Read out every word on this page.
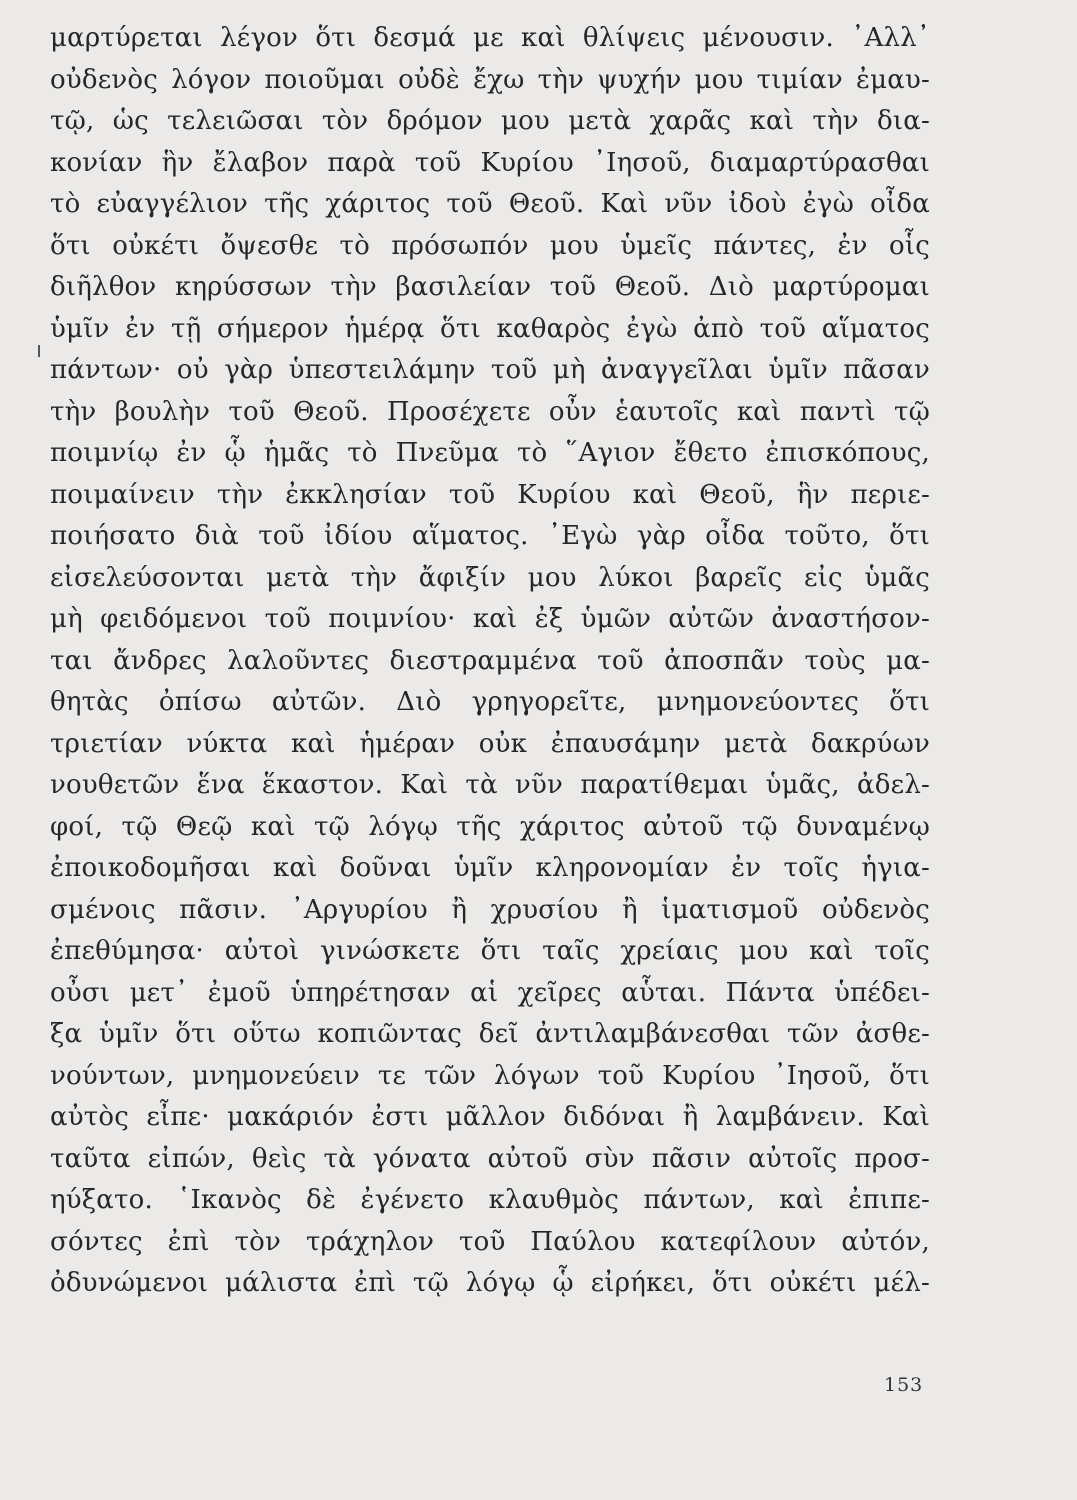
μαρτύρεται λέγον ὅτι δεσμά με καὶ θλίψεις μένουσιν. ᾿Αλλ᾽
οὐδενὸς λόγον ποιοῦμαι οὐδὲ ἔχω τὴν ψυχήν μου τιμίαν ἐμαυ-
τῷ, ὡς τελειῶσαι τὸν δρόμον μου μετὰ χαρᾶς καὶ τὴν δια-
κονίαν ἣν ἔλαβον παρὰ τοῦ Κυρίου ᾿Ιησοῦ, διαμαρτύρασθαι
τὸ εὐαγγέλιον τῆς χάριτος τοῦ Θεοῦ. Καὶ νῦν ἰδοὺ ἐγὼ οἶδα
ὅτι οὐκέτι ὄψεσθε τὸ πρόσωπόν μου ὑμεῖς πάντες, ἐν οἷς
διῆλθον κηρύσσων τὴν βασιλείαν τοῦ Θεοῦ. Διὸ μαρτύρομαι
ὑμῖν ἐν τῇ σήμερον ἡμέρᾳ ὅτι καθαρὸς ἐγὼ ἀπὸ τοῦ αἵματος
πάντων· οὐ γὰρ ὑπεστειλάμην τοῦ μὴ ἀναγγεῖλαι ὑμῖν πᾶσαν
τὴν βουλὴν τοῦ Θεοῦ. Προσέχετε οὖν ἑαυτοῖς καὶ παντὶ τῷ
ποιμνίῳ ἐν ᾧ ἡμᾶς τὸ Πνεῦμα τὸ ῞Αγιον ἔθετο ἐπισκόπους,
ποιμαίνειν τὴν ἐκκλησίαν τοῦ Κυρίου καὶ Θεοῦ, ἣν περιε-
ποιήσατο διὰ τοῦ ἰδίου αἵματος. ᾿Εγὼ γὰρ οἶδα τοῦτο, ὅτι
εἰσελεύσονται μετὰ τὴν ἄφιξίν μου λύκοι βαρεῖς εἰς ὑμᾶς
μὴ φειδόμενοι τοῦ ποιμνίου· καὶ ἐξ ὑμῶν αὐτῶν ἀναστήσον-
ται ἄνδρες λαλοῦντες διεστραμμένα τοῦ ἀποσπᾶν τοὺς μα-
θητὰς ὀπίσω αὐτῶν. Διὸ γρηγορεῖτε, μνημονεύοντες ὅτι
τριετίαν νύκτα καὶ ἡμέραν οὐκ ἐπαυσάμην μετὰ δακρύων
νουθετῶν ἕνα ἕκαστον. Καὶ τὰ νῦν παρατίθεμαι ὑμᾶς, ἀδελ-
φοί, τῷ Θεῷ καὶ τῷ λόγῳ τῆς χάριτος αὐτοῦ τῷ δυναμένῳ
ἐποικοδομῆσαι καὶ δοῦναι ὑμῖν κληρονομίαν ἐν τοῖς ἡγια-
σμένοις πᾶσιν. ᾿Αργυρίου ἢ χρυσίου ἢ ἱματισμοῦ οὐδενὸς
ἐπεθύμησα· αὐτοὶ γινώσκετε ὅτι ταῖς χρείαις μου καὶ τοῖς
οὖσι μετ᾽ ἐμοῦ ὑπηρέτησαν αἱ χεῖρες αὗται. Πάντα ὑπέδει-
ξα ὑμῖν ὅτι οὕτω κοπιῶντας δεῖ ἀντιλαμβάνεσθαι τῶν ἀσθε-
νούντων, μνημονεύειν τε τῶν λόγων τοῦ Κυρίου ᾿Ιησοῦ, ὅτι
αὐτὸς εἶπε· μακάριόν ἐστι μᾶλλον διδόναι ἢ λαμβάνειν. Καὶ
ταῦτα εἰπών, θεὶς τὰ γόνατα αὐτοῦ σὺν πᾶσιν αὐτοῖς προσ-
ηύξατο. ῾Ικανὸς δὲ ἐγένετο κλαυθμὸς πάντων, καὶ ἐπιπε-
σόντες ἐπὶ τὸν τράχηλον τοῦ Παύλου κατεφίλουν αὐτόν,
ὀδυνώμενοι μάλιστα ἐπὶ τῷ λόγῳ ᾧ εἰρήκει, ὅτι οὐκέτι μέλ-
153
